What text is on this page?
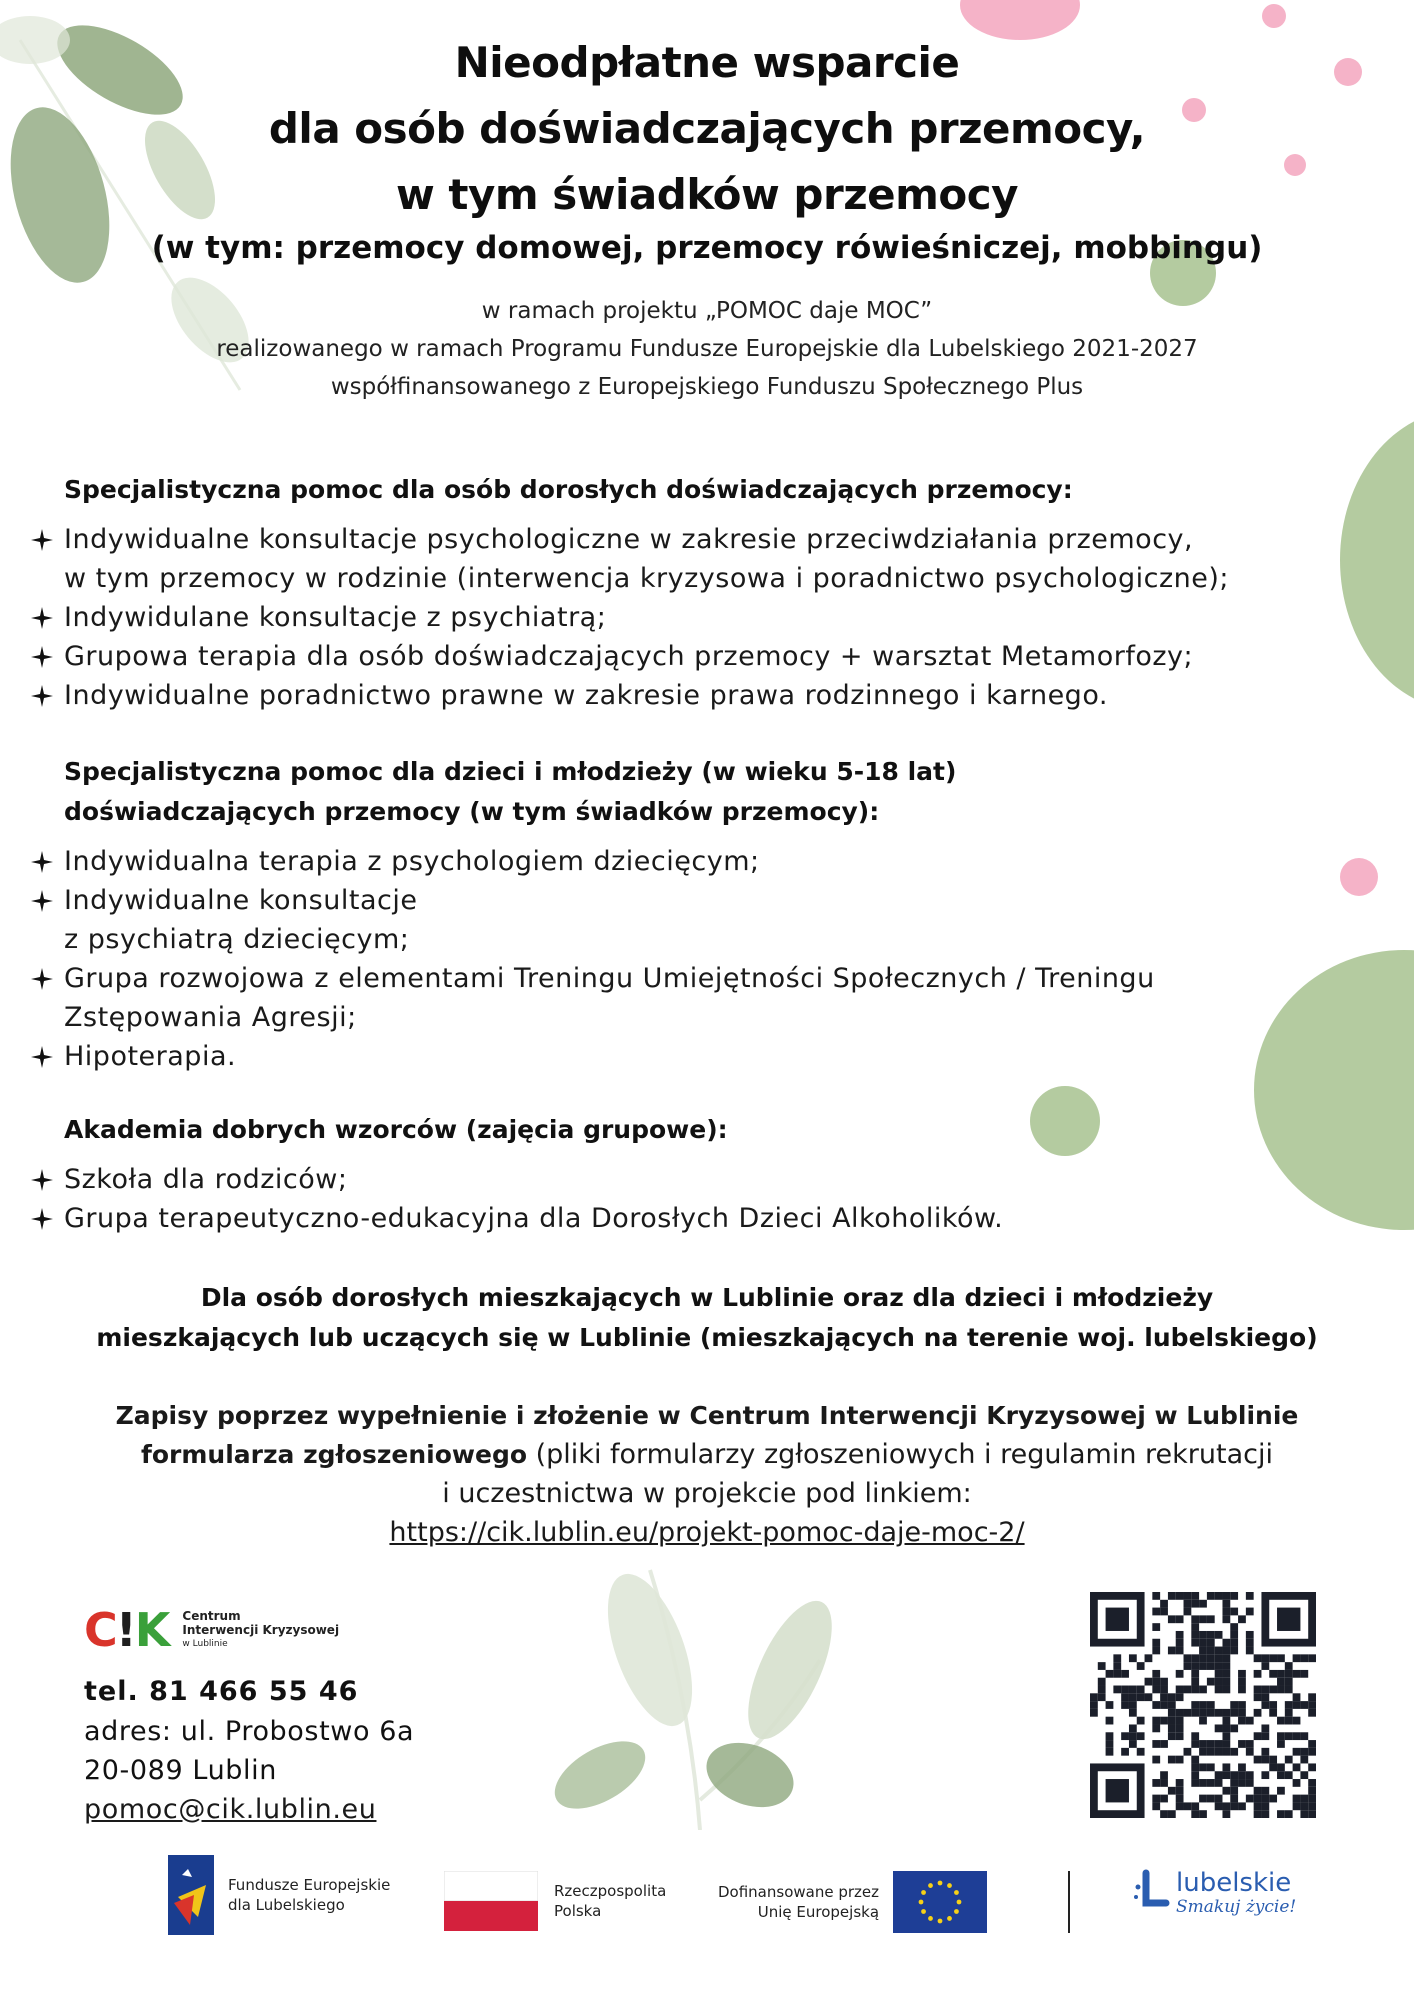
Nieodpłatne wsparcie
dla osób doświadczających przemocy,
w tym świadków przemocy
(w tym: przemocy domowej, przemocy rówieśniczej, mobbingu)
w ramach projektu „POMOC daje MOC”
realizowanego w ramach Programu Fundusze Europejskie dla Lubelskiego 2021-2027
współfinansowanego z Europejskiego Funduszu Społecznego Plus
Specjalistyczna pomoc dla osób dorosłych doświadczających przemocy:
Indywidualne konsultacje psychologiczne w zakresie przeciwdziałania przemocy,
w tym przemocy w rodzinie (interwencja kryzysowa i poradnictwo psychologiczne);
Indywidulane konsultacje z psychiatrą;
Grupowa terapia dla osób doświadczających przemocy + warsztat Metamorfozy;
Indywidualne poradnictwo prawne w zakresie prawa rodzinnego i karnego.
Specjalistyczna pomoc dla dzieci i młodzieży (w wieku 5-18 lat)
doświadczających przemocy (w tym świadków przemocy):
Indywidualna terapia z psychologiem dziecięcym;
Indywidualne konsultacje
z psychiatrą dziecięcym;
Grupa rozwojowa z elementami Treningu Umiejętności Społecznych / Treningu
Zstępowania Agresji;
Hipoterapia.
Akademia dobrych wzorców (zajęcia grupowe):
Szkoła dla rodziców;
Grupa terapeutyczno-edukacyjna dla Dorosłych Dzieci Alkoholików.
Dla osób dorosłych mieszkających w Lublinie oraz dla dzieci i młodzieży
mieszkających lub uczących się w Lublinie (mieszkających na terenie woj. lubelskiego)
Zapisy poprzez wypełnienie i złożenie w Centrum Interwencji Kryzysowej w Lublinie
formularza zgłoszeniowego (pliki formularzy zgłoszeniowych i regulamin rekrutacji
i uczestnictwa w projekcie pod linkiem:
https://cik.lublin.eu/projekt-pomoc-daje-moc-2/
C!K Centrum
Interwencji Kryzysowej
w Lublinie
tel. 81 466 55 46
adres: ul. Probostwo 6a
20-089 Lublin
pomoc@cik.lublin.eu
Fundusze Europejskie
dla Lubelskiego
Rzeczpospolita
Polska
Dofinansowane przez
Unię Europejską
lubelskie
Smakuj życie!
